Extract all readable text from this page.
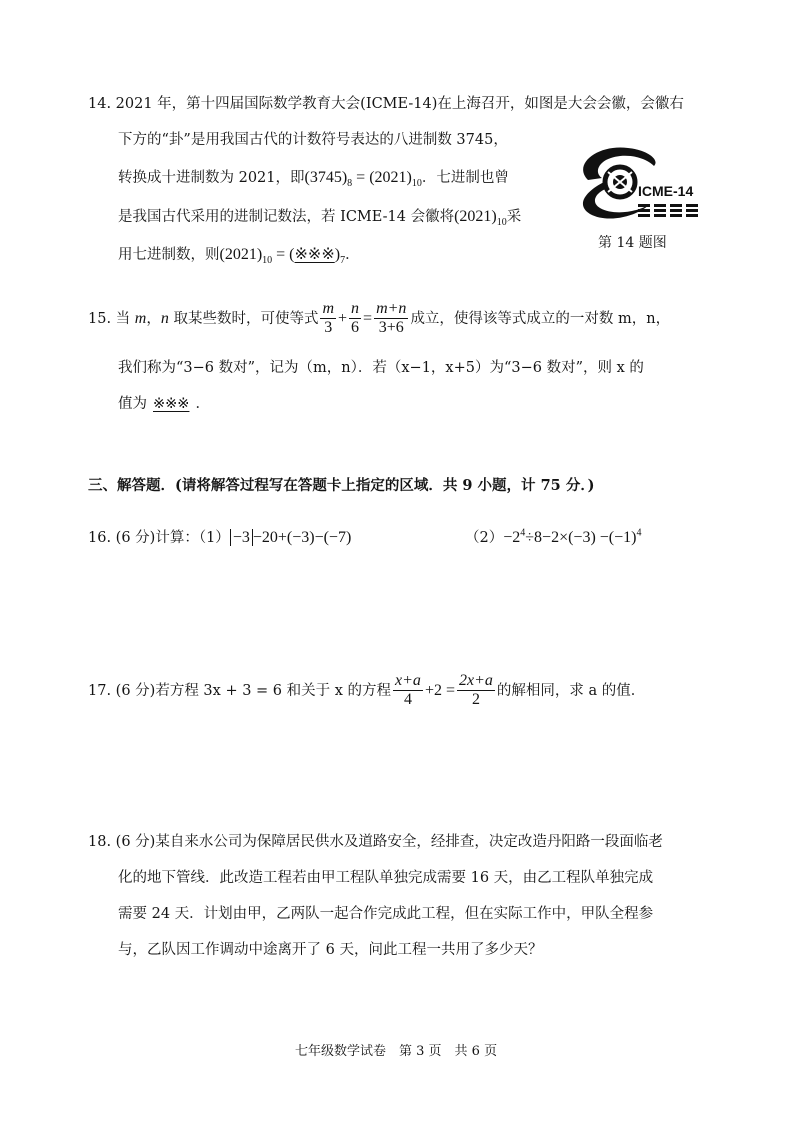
14. 2021 年，第十四届国际数学教育大会(ICME-14)在上海召开，如图是大会会徽，会徽右
下方的“卦”是用我国古代的计数符号表达的八进制数 3745，
转换成十进制数为 2021，即$(3745)_8 = (2021)_{10}$．七进制也曾
是我国古代采用的进制记数法，若 ICME-14 会徽将$(2021)_{10}$采
用七进制数，则$(2021)_{10}$ = $(※※※)_7$．
ICME-14
第 14 题图
15. 当 m，n 取某些数时，可使等式 $\frac{m}{3} + \frac{n}{6} = \frac{m+n}{3+6}$ 成立，使得该等式成立的一对数 m，n，
我们称为“3−6 数对”，记为（m，n）．若（x−1，x+5）为“3−6 数对”，则 x 的
值为 ※※※ ．
三、解答题．(请将解答过程写在答题卡上指定的区域．共 9 小题，计 75 分．)
16. (6 分)计算：（1） −3 −20+(−3)−(−7)	$(2)-2^4\div 8-2\times(-3) -(-1)^4$
17. (6 分)若方程 3x + 3 = 6 和关于 x 的方程 $\frac{x+a}{4} +2 = \frac{2x+a}{2}$ 的解相同，求 a 的值．
18. (6 分)某自来水公司为保障居民供水及道路安全，经排查，决定改造丹阳路一段面临老
化的地下管线．此改造工程若由甲工程队单独完成需要 16 天，由乙工程队单独完成
需要 24 天．计划由甲，乙两队一起合作完成此工程，但在实际工作中，甲队全程参
与，乙队因工作调动中途离开了 6 天，问此工程一共用了多少天？
七年级数学试卷　第 3 页　共 6 页
